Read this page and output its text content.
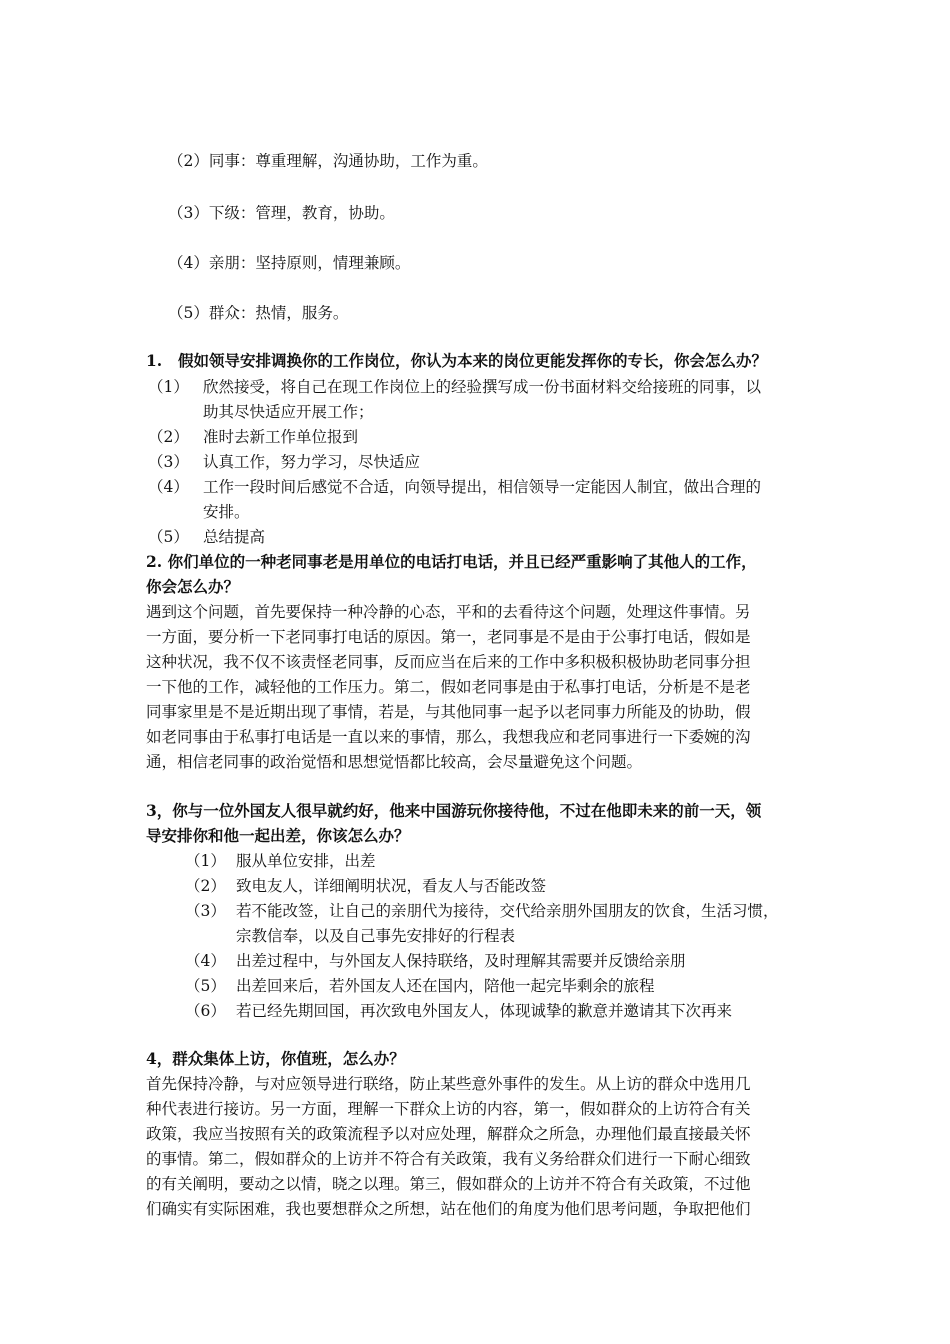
（2）同事：尊重理解，沟通协助，工作为重。
（3）下级：管理，教育，协助。
（4）亲朋：坚持原则，情理兼顾。
（5）群众：热情，服务。
1. 假如领导安排调换你的工作岗位，你认为本来的岗位更能发挥你的专长，你会怎么办？
（1） 欣然接受，将自己在现工作岗位上的经验撰写成一份书面材料交给接班的同事，以
助其尽快适应开展工作；
（2） 准时去新工作单位报到
（3） 认真工作，努力学习，尽快适应
（4） 工作一段时间后感觉不合适，向领导提出，相信领导一定能因人制宜，做出合理的
安排。
（5） 总结提高
2. 你们单位的一种老同事老是用单位的电话打电话，并且已经严重影响了其他人的工作，
你会怎么办？
遇到这个问题，首先要保持一种冷静的心态，平和的去看待这个问题，处理这件事情。另
一方面，要分析一下老同事打电话的原因。第一，老同事是不是由于公事打电话，假如是
这种状况，我不仅不该责怪老同事，反而应当在后来的工作中多积极积极协助老同事分担
一下他的工作，减轻他的工作压力。第二，假如老同事是由于私事打电话，分析是不是老
同事家里是不是近期出现了事情，若是，与其他同事一起予以老同事力所能及的协助，假
如老同事由于私事打电话是一直以来的事情，那么，我想我应和老同事进行一下委婉的沟
通，相信老同事的政治觉悟和思想觉悟都比较高，会尽量避免这个问题。
3，你与一位外国友人很早就约好，他来中国游玩你接待他，不过在他即未来的前一天，领
导安排你和他一起出差，你该怎么办？
（1） 服从单位安排，出差
（2） 致电友人，详细阐明状况，看友人与否能改签
（3） 若不能改签，让自己的亲朋代为接待，交代给亲朋外国朋友的饮食，生活习惯，
宗教信奉，以及自己事先安排好的行程表
（4） 出差过程中，与外国友人保持联络，及时理解其需要并反馈给亲朋
（5） 出差回来后，若外国友人还在国内，陪他一起完毕剩余的旅程
（6） 若已经先期回国，再次致电外国友人，体现诚挚的歉意并邀请其下次再来
4，群众集体上访，你值班，怎么办？
首先保持冷静，与对应领导进行联络，防止某些意外事件的发生。从上访的群众中选用几
种代表进行接访。另一方面，理解一下群众上访的内容，第一，假如群众的上访符合有关
政策，我应当按照有关的政策流程予以对应处理，解群众之所急，办理他们最直接最关怀
的事情。第二，假如群众的上访并不符合有关政策，我有义务给群众们进行一下耐心细致
的有关阐明，要动之以情，晓之以理。第三，假如群众的上访并不符合有关政策，不过他
们确实有实际困难，我也要想群众之所想，站在他们的角度为他们思考问题，争取把他们
